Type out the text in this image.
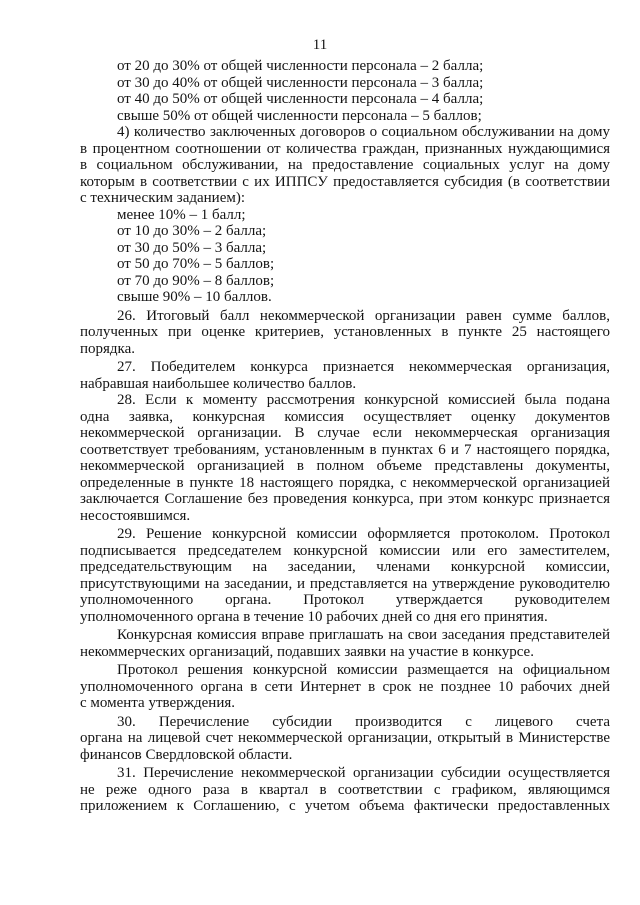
11
от 20 до 30% от общей численности персонала – 2 балла;
от 30 до 40% от общей численности персонала – 3 балла;
от 40 до 50% от общей численности персонала – 4 балла;
свыше 50% от общей численности персонала – 5 баллов;
4) количество заключенных договоров о социальном обслуживании на дому
в процентном соотношении от количества граждан, признанных нуждающимися
в социальном обслуживании, на предоставление социальных услуг на дому
которым в соответствии с их ИППСУ предоставляется субсидия (в соответствии
с техническим заданием):
менее 10% – 1 балл;
от 10 до 30% – 2 балла;
от 30 до 50% – 3 балла;
от 50 до 70% – 5 баллов;
от 70 до 90% – 8 баллов;
свыше 90% – 10 баллов.
26. Итоговый балл некоммерческой организации равен сумме баллов,
полученных при оценке критериев, установленных в пункте 25 настоящего
порядка.
27. Победителем конкурса признается некоммерческая организация,
набравшая наибольшее количество баллов.
28. Если к моменту рассмотрения конкурсной комиссией была подана
одна заявка, конкурсная комиссия осуществляет оценку документов
некоммерческой организации. В случае если некоммерческая организация
соответствует требованиям, установленным в пунктах 6 и 7 настоящего порядка,
некоммерческой организацией в полном объеме представлены документы,
определенные в пункте 18 настоящего порядка, с некоммерческой организацией
заключается Соглашение без проведения конкурса, при этом конкурс признается
несостоявшимся.
29. Решение конкурсной комиссии оформляется протоколом. Протокол
подписывается председателем конкурсной комиссии или его заместителем,
председательствующим на заседании, членами конкурсной комиссии,
присутствующими на заседании, и представляется на утверждение руководителю
уполномоченного органа. Протокол утверждается руководителем
уполномоченного органа в течение 10 рабочих дней со дня его принятия.
Конкурсная комиссия вправе приглашать на свои заседания представителей
некоммерческих организаций, подавших заявки на участие в конкурсе.
Протокол решения конкурсной комиссии размещается на официальном
уполномоченного органа в сети Интернет в срок не позднее 10 рабочих дней
с момента утверждения.
30. Перечисление субсидии производится с лицевого счета
органа на лицевой счет некоммерческой организации, открытый в Министерстве
финансов Свердловской области.
31. Перечисление некоммерческой организации субсидии осуществляется
не реже одного раза в квартал в соответствии с графиком, являющимся
приложением к Соглашению, с учетом объема фактически предоставленных
